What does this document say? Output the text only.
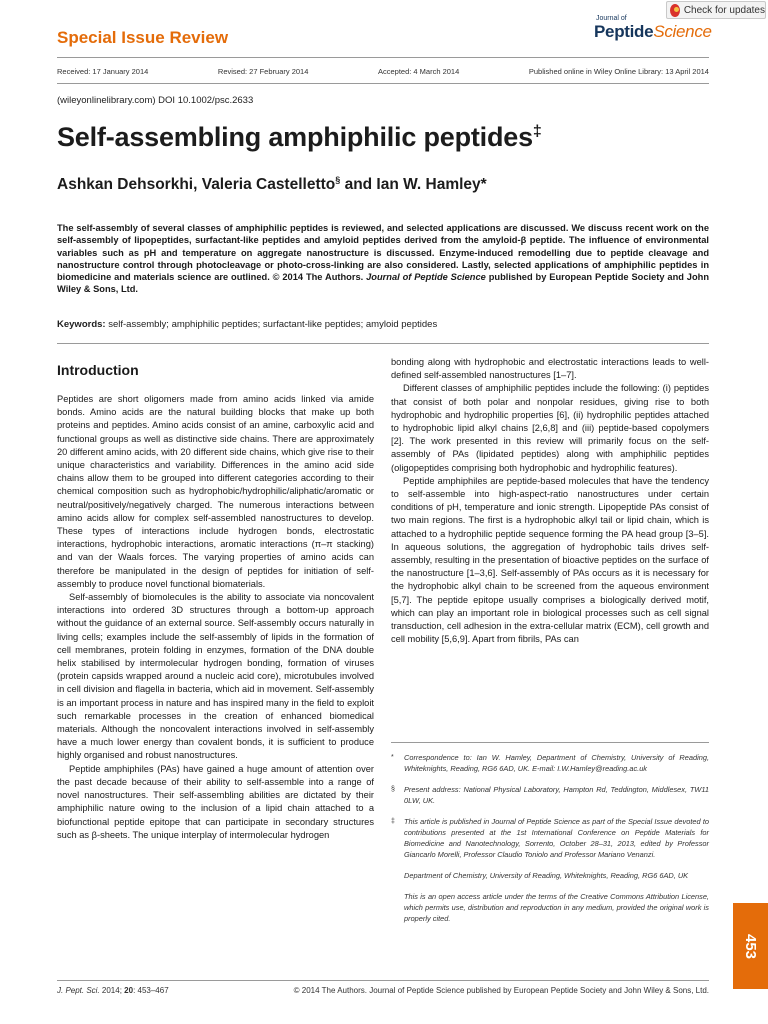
Check for updates
Special Issue Review
Journal of
PeptideScience
Received: 17 January 2014	Revised: 27 February 2014	Accepted: 4 March 2014	Published online in Wiley Online Library: 13 April 2014
(wileyonlinelibrary.com) DOI 10.1002/psc.2633
Self-assembling amphiphilic peptides‡
Ashkan Dehsorkhi, Valeria Castelletto§ and Ian W. Hamley*
The self-assembly of several classes of amphiphilic peptides is reviewed, and selected applications are discussed. We discuss recent work on the self-assembly of lipopeptides, surfactant-like peptides and amyloid peptides derived from the amyloid-β peptide. The influence of environmental variables such as pH and temperature on aggregate nanostructure is discussed. Enzyme-induced remodelling due to peptide cleavage and nanostructure control through photocleavage or photo-cross-linking are also considered. Lastly, selected applications of amphiphilic peptides in biomedicine and materials science are outlined. © 2014 The Authors. Journal of Peptide Science published by European Peptide Society and John Wiley & Sons, Ltd.
Keywords: self-assembly; amphiphilic peptides; surfactant-like peptides; amyloid peptides
Introduction

Peptides are short oligomers made from amino acids linked via amide bonds. Amino acids are the natural building blocks that make up both proteins and peptides. Amino acids consist of an amine, carboxylic acid and functional groups as well as distinctive side chains. There are approximately 20 different amino acids, with 20 different side chains, which give rise to their unique characteristics and variability. Differences in the amino acid side chains allow them to be grouped into different categories according to their chemical composition such as hydrophobic/hydrophilic/aliphatic/aromatic or neutral/positively/negatively charged. The numerous interactions between amino acids allow for complex self-assembled nanostructures to develop. These types of interactions include hydrogen bonds, electrostatic interactions, hydrophobic interactions, aromatic interactions (π–π stacking) and van der Waals forces. The varying properties of amino acids can therefore be manipulated in the design of peptides for initiation of self-assembly to produce novel functional biomaterials.

Self-assembly of biomolecules is the ability to associate via noncovalent interactions into ordered 3D structures through a bottom-up approach without the guidance of an external source. Self-assembly occurs naturally in living cells; examples include the self-assembly of lipids in the formation of cell membranes, protein folding in enzymes, formation of the DNA double helix stabilised by intermolecular hydrogen bonding, formation of viruses (protein capsids wrapped around a nucleic acid core), microtubules involved in cell division and flagella in bacteria, which aid in movement. Self-assembly is an important process in nature and has inspired many in the field to exploit such remarkable processes in the creation of enhanced biomedical materials. Although the noncovalent interactions involved in self-assembly have a much lower energy than covalent bonds, it is sufficient to produce highly organised and robust nanostructures.

Peptide amphiphiles (PAs) have gained a huge amount of attention over the past decade because of their ability to self-assemble into a range of novel nanostructures. Their self-assembling abilities are dictated by their amphiphilic nature owing to the inclusion of a lipid chain attached to a biofunctional peptide epitope that can participate in secondary structures such as β-sheets. The unique interplay of intermolecular hydrogen

bonding along with hydrophobic and electrostatic interactions leads to well-defined self-assembled nanostructures [1–7].

Different classes of amphiphilic peptides include the following: (i) peptides that consist of both polar and nonpolar residues, giving rise to both hydrophobic and hydrophilic properties [6], (ii) hydrophilic peptides attached to hydrophobic lipid alkyl chains [2,6,8] and (iii) peptide-based copolymers [2]. The work presented in this review will primarily focus on the self-assembly of PAs (lipidated peptides) along with amphiphilic peptides (oligopeptides comprising both hydrophobic and hydrophilic features).

Peptide amphiphiles are peptide-based molecules that have the tendency to self-assemble into high-aspect-ratio nanostructures under certain conditions of pH, temperature and ionic strength. Lipopeptide PAs consist of two main regions. The first is a hydrophobic alkyl tail or lipid chain, which is attached to a hydrophilic peptide sequence forming the PA head group [3–5]. In aqueous solutions, the aggregation of hydrophobic tails drives self-assembly, resulting in the presentation of bioactive peptides on the surface of the nanostructure [1–3,6]. Self-assembly of PAs occurs as it is necessary for the hydrophobic alkyl chain to be screened from the aqueous environment [5,7]. The peptide epitope usually comprises a biologically derived motif, which can play an important role in biological processes such as cell signal transduction, cell adhesion in the extra-cellular matrix (ECM), cell growth and cell mobility [5,6,9]. Apart from fibrils, PAs can

*	Correspondence to: Ian W. Hamley, Department of Chemistry, University of Reading, Whiteknights, Reading, RG6 6AD, UK. E-mail: I.W.Hamley@reading.ac.uk
§	Present address: National Physical Laboratory, Hampton Rd, Teddington, Middlesex, TW11 0LW, UK.
‡	This article is published in Journal of Peptide Science as part of the Special Issue devoted to contributions presented at the 1st International Conference on Peptide Materials for Biomedicine and Nanotechnology, Sorrento, October 28–31, 2013, edited by Professor Giancarlo Morelli, Professor Claudio Toniolo and Professor Mariano Venanzi.
Department of Chemistry, University of Reading, Whiteknights, Reading, RG6 6AD, UK
This is an open access article under the terms of the Creative Commons Attribution License, which permits use, distribution and reproduction in any medium, provided the original work is properly cited.
J. Pept. Sci. 2014; 20: 453–467	© 2014 The Authors. Journal of Peptide Science published by European Peptide Society and John Wiley & Sons, Ltd.
453
